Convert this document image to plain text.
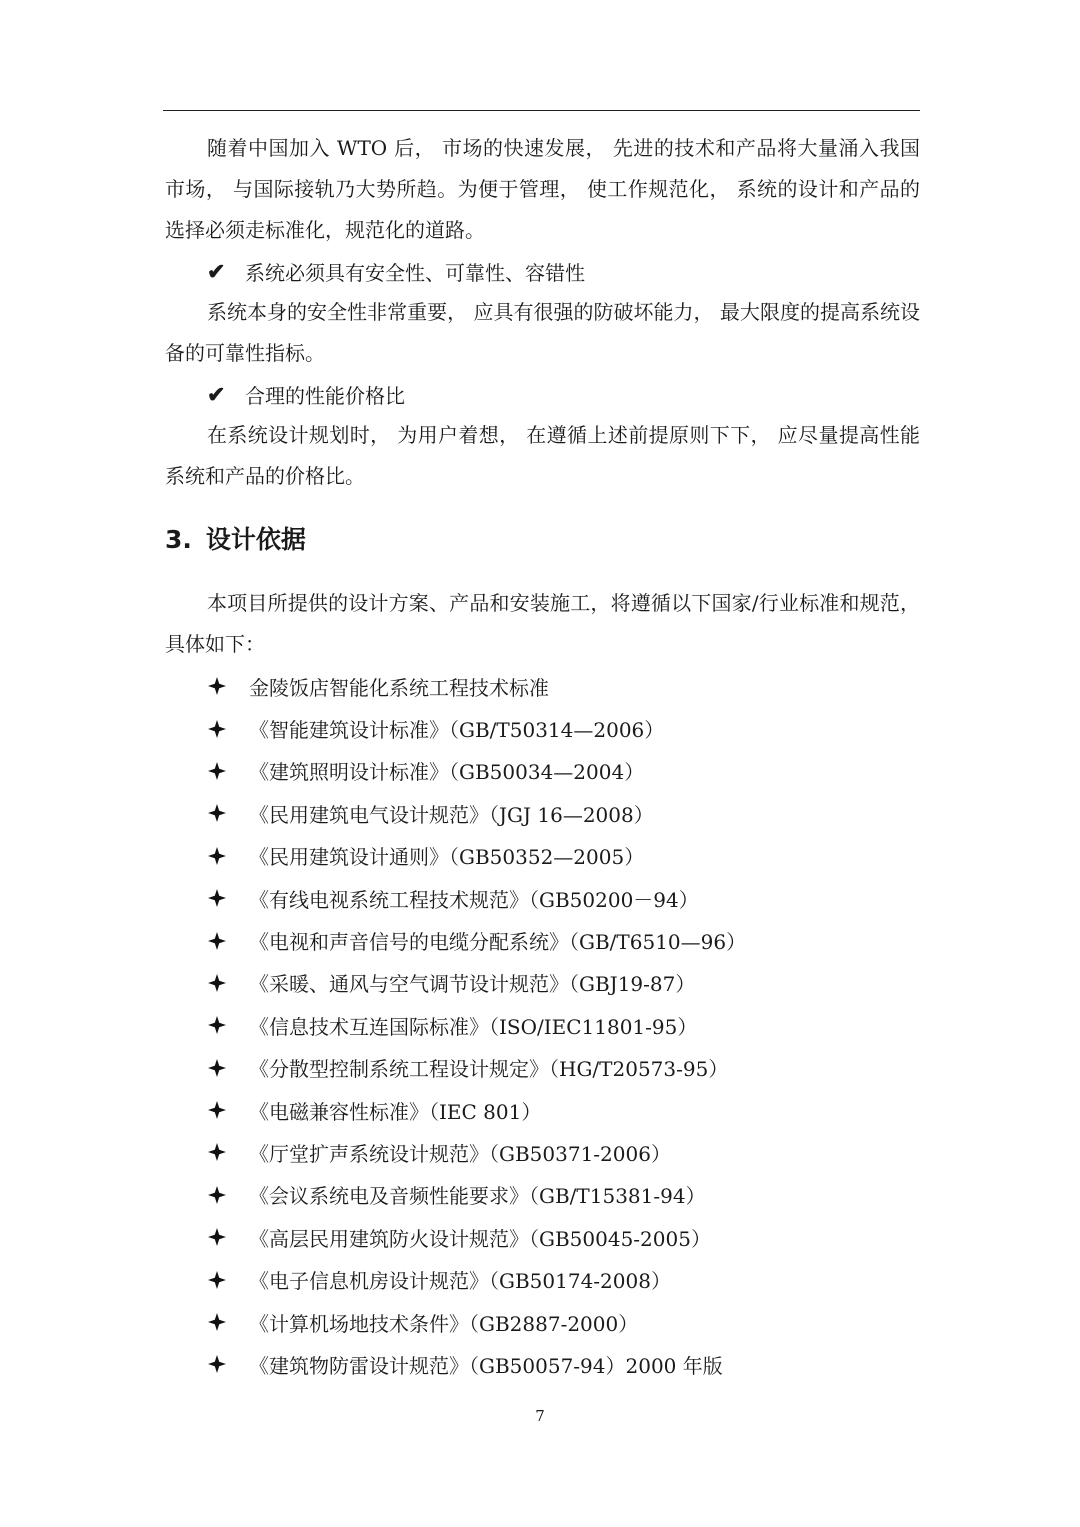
随着中国加入 WTO 后， 市场的快速发展， 先进的技术和产品将大量涌入我国市场， 与国际接轨乃大势所趋。为便于管理， 使工作规范化， 系统的设计和产品的选择必须走标准化，规范化的道路。

✔ 系统必须具有安全性、可靠性、容错性

系统本身的安全性非常重要， 应具有很强的防破坏能力， 最大限度的提高系统设备的可靠性指标。

✔ 合理的性能价格比

在系统设计规划时， 为用户着想， 在遵循上述前提原则下下， 应尽量提高性能系统和产品的价格比。

3. 设计依据

本项目所提供的设计方案、产品和安装施工，将遵循以下国家/行业标准和规范，具体如下：

金陵饭店智能化系统工程技术标准
《智能建筑设计标准》（GB/T50314—2006）
《建筑照明设计标准》（GB50034—2004）
《民用建筑电气设计规范》（JGJ 16—2008）
《民用建筑设计通则》（GB50352—2005）
《有线电视系统工程技术规范》（GB50200－94）
《电视和声音信号的电缆分配系统》（GB/T6510—96）
《采暖、通风与空气调节设计规范》（GBJ19-87）
《信息技术互连国际标准》（ISO/IEC11801-95）
《分散型控制系统工程设计规定》（HG/T20573-95）
《电磁兼容性标准》（IEC 801）
《厅堂扩声系统设计规范》（GB50371-2006）
《会议系统电及音频性能要求》（GB/T15381-94）
《高层民用建筑防火设计规范》（GB50045-2005）
《电子信息机房设计规范》（GB50174-2008）
《计算机场地技术条件》（GB2887-2000）
《建筑物防雷设计规范》（GB50057-94）2000 年版
7
